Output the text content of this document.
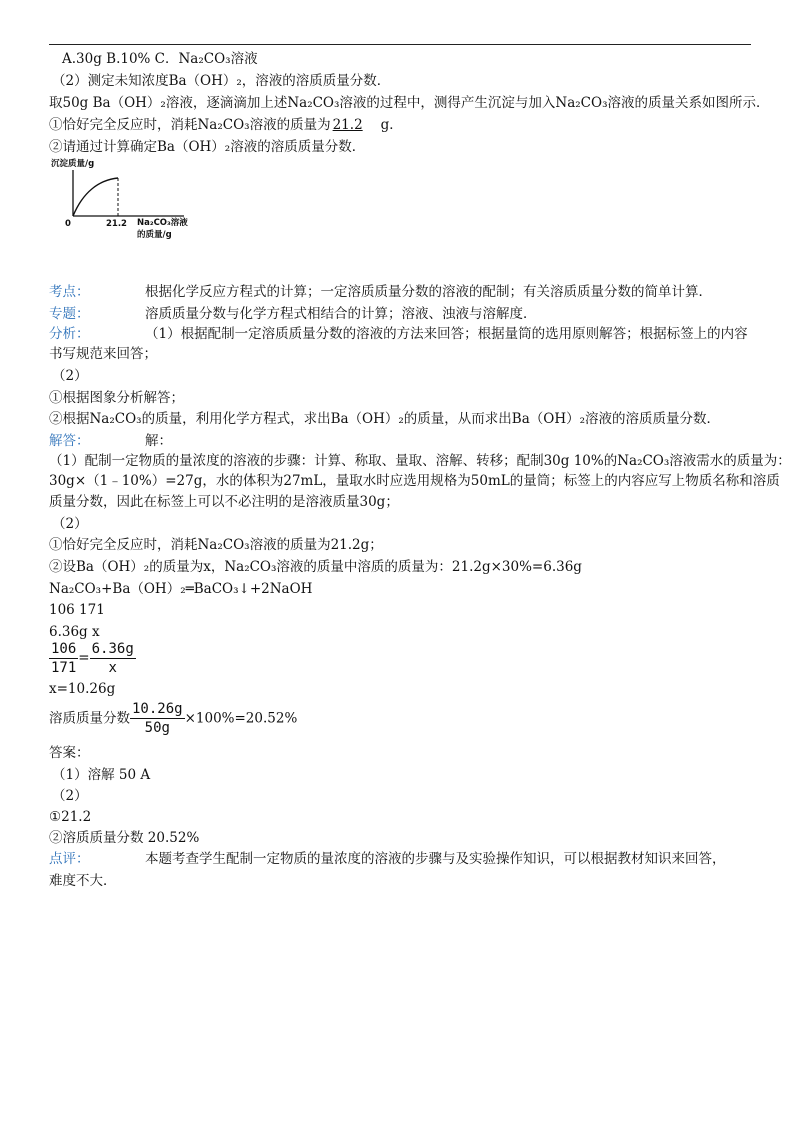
A.30g B.10% C．Na₂CO₃溶液
（2）测定未知浓度Ba（OH）₂，溶液的溶质质量分数．
取50g Ba（OH）₂溶液，逐滴滴加上述Na₂CO₃溶液的过程中，测得产生沉淀与加入Na₂CO₃溶液的质量关系如图所示．
①恰好完全反应时，消耗Na₂CO₃溶液的质量为 21.2 g．
②请通过计算确定Ba（OH）₂溶液的溶质质量分数．
沉淀质量/g
0	21.2 Na₂CO₃溶液
的质量/g
考点：	根据化学反应方程式的计算；一定溶质质量分数的溶液的配制；有关溶质质量分数的简单计算．
专题：	溶质质量分数与化学方程式相结合的计算；溶液、浊液与溶解度．
分析：	（1）根据配制一定溶质质量分数的溶液的方法来回答；根据量筒的选用原则解答；根据标签上的内容
书写规范来回答；
（2）
①根据图象分析解答；
②根据Na₂CO₃的质量，利用化学方程式，求出Ba（OH）₂的质量，从而求出Ba（OH）₂溶液的溶质质量分数．
解答：	解：
（1）配制一定物质的量浓度的溶液的步骤：计算、称取、量取、溶解、转移；配制30g 10%的Na₂CO₃溶液需水的质量为：
30g×（1﹣10%）=27g，水的体积为27mL，量取水时应选用规格为50mL的量筒；标签上的内容应写上物质名称和溶质
质量分数，因此在标签上可以不必注明的是溶液质量30g；
（2）
①恰好完全反应时，消耗Na₂CO₃溶液的质量为21.2g；
②设Ba（OH）₂的质量为x，Na₂CO₃溶液的质量中溶质的质量为：21.2g×30%=6.36g
Na₂CO₃+Ba（OH）₂═BaCO₃↓+2NaOH
106 171
6.36g x
$\frac{106}{171} = \frac{6.36g}{x}$
x=10.26g
溶质质量分数 $\frac{10.26g}{50g} \times 100\%=20.52\%$
答案：
（1）溶解 50 A
（2）
①21.2
②溶质质量分数 20.52%
点评：	本题考查学生配制一定物质的量浓度的溶液的步骤与及实验操作知识，可以根据教材知识来回答，
难度不大．
